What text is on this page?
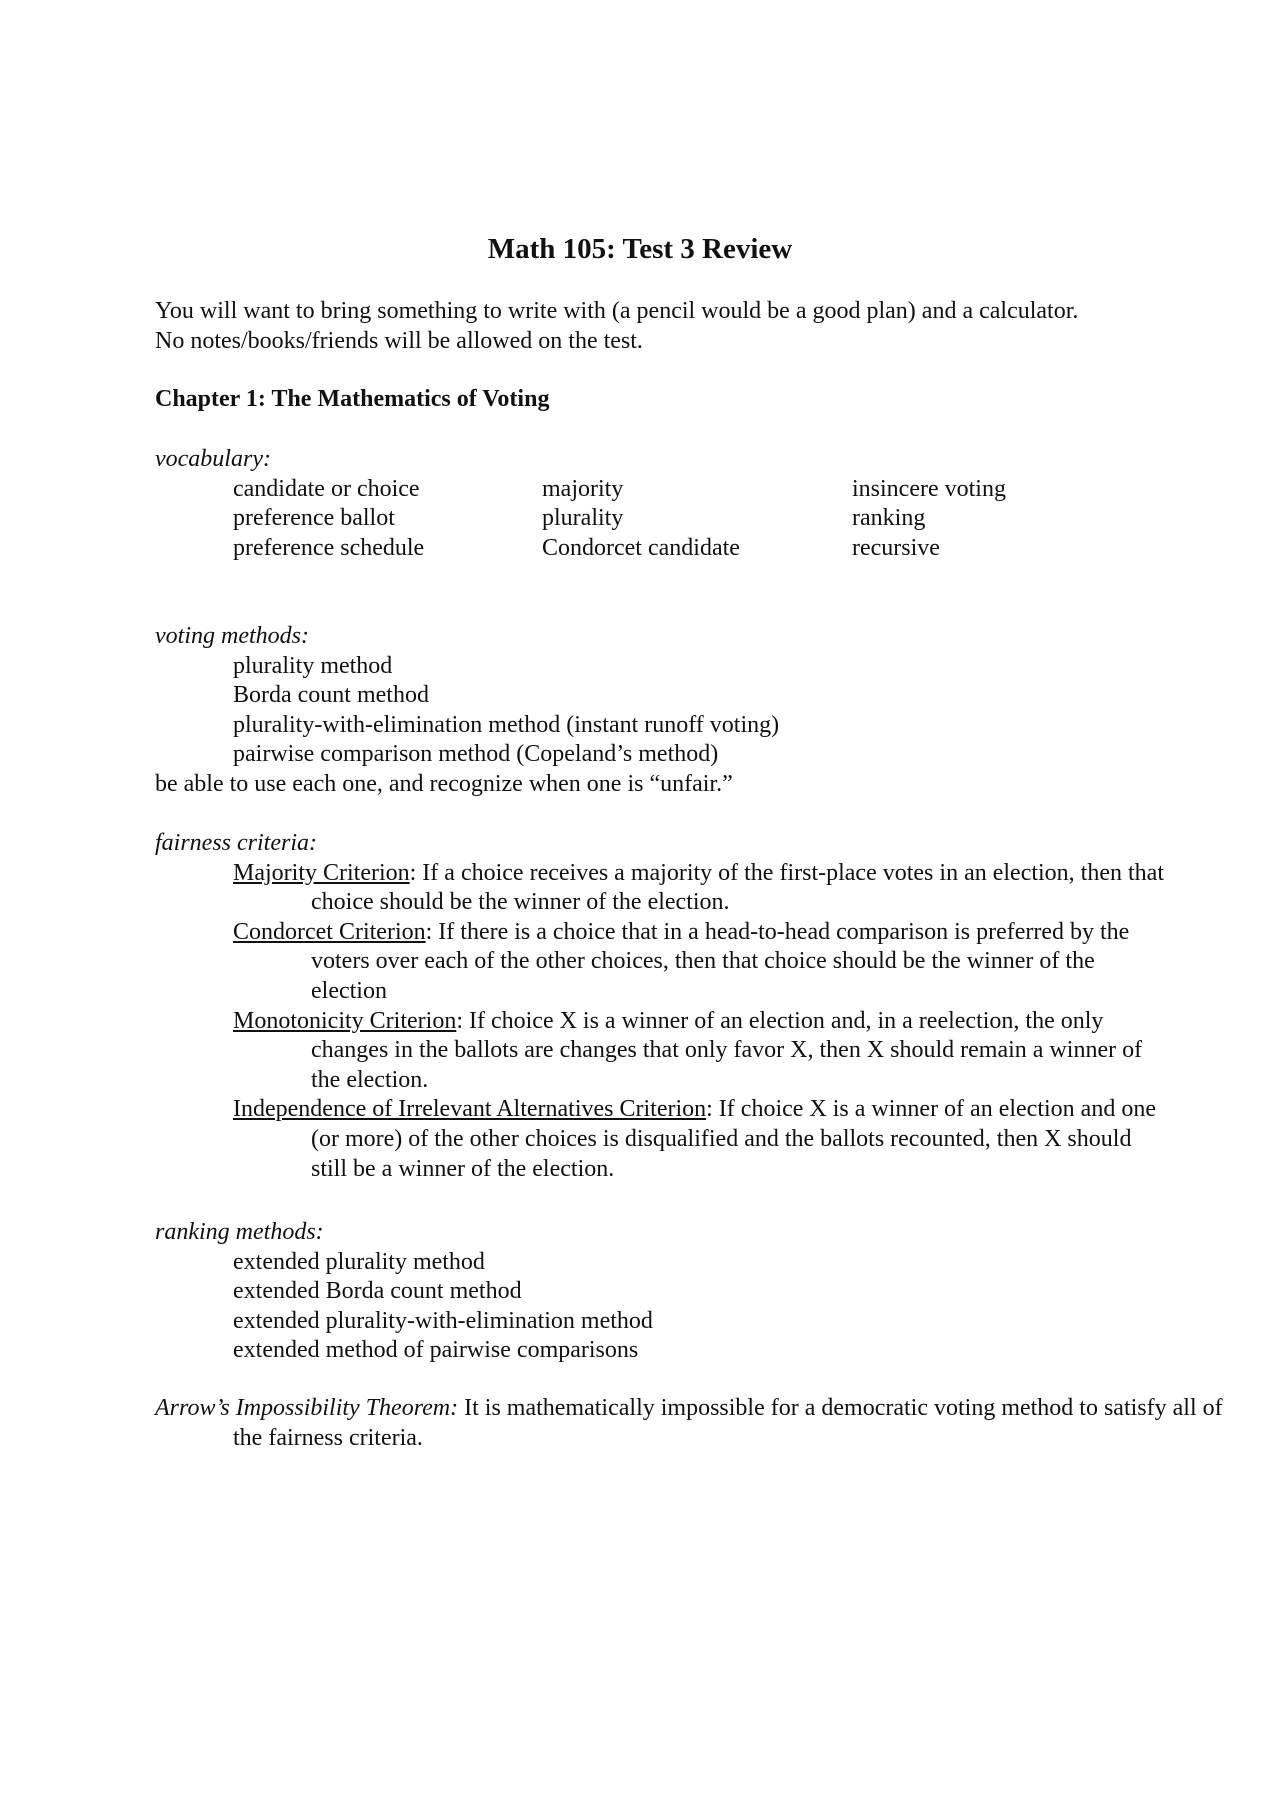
Math 105: Test 3 Review
You will want to bring something to write with (a pencil would be a good plan) and a calculator.
No notes/books/friends will be allowed on the test.
Chapter 1: The Mathematics of Voting
vocabulary:
candidate or choice	majority	insincere voting
preference ballot	plurality	ranking
preference schedule	Condorcet candidate	recursive
voting methods:
plurality method
Borda count method
plurality-with-elimination method (instant runoff voting)
pairwise comparison method (Copeland’s method)
be able to use each one, and recognize when one is “unfair.”
fairness criteria:
Majority Criterion: If a choice receives a majority of the first-place votes in an election, then that choice should be the winner of the election.
Condorcet Criterion: If there is a choice that in a head-to-head comparison is preferred by the voters over each of the other choices, then that choice should be the winner of the election
Monotonicity Criterion: If choice X is a winner of an election and, in a reelection, the only changes in the ballots are changes that only favor X, then X should remain a winner of the election.
Independence of Irrelevant Alternatives Criterion: If choice X is a winner of an election and one (or more) of the other choices is disqualified and the ballots recounted, then X should still be a winner of the election.
ranking methods:
extended plurality method
extended Borda count method
extended plurality-with-elimination method
extended method of pairwise comparisons
Arrow’s Impossibility Theorem: It is mathematically impossible for a democratic voting method to satisfy all of the fairness criteria.
